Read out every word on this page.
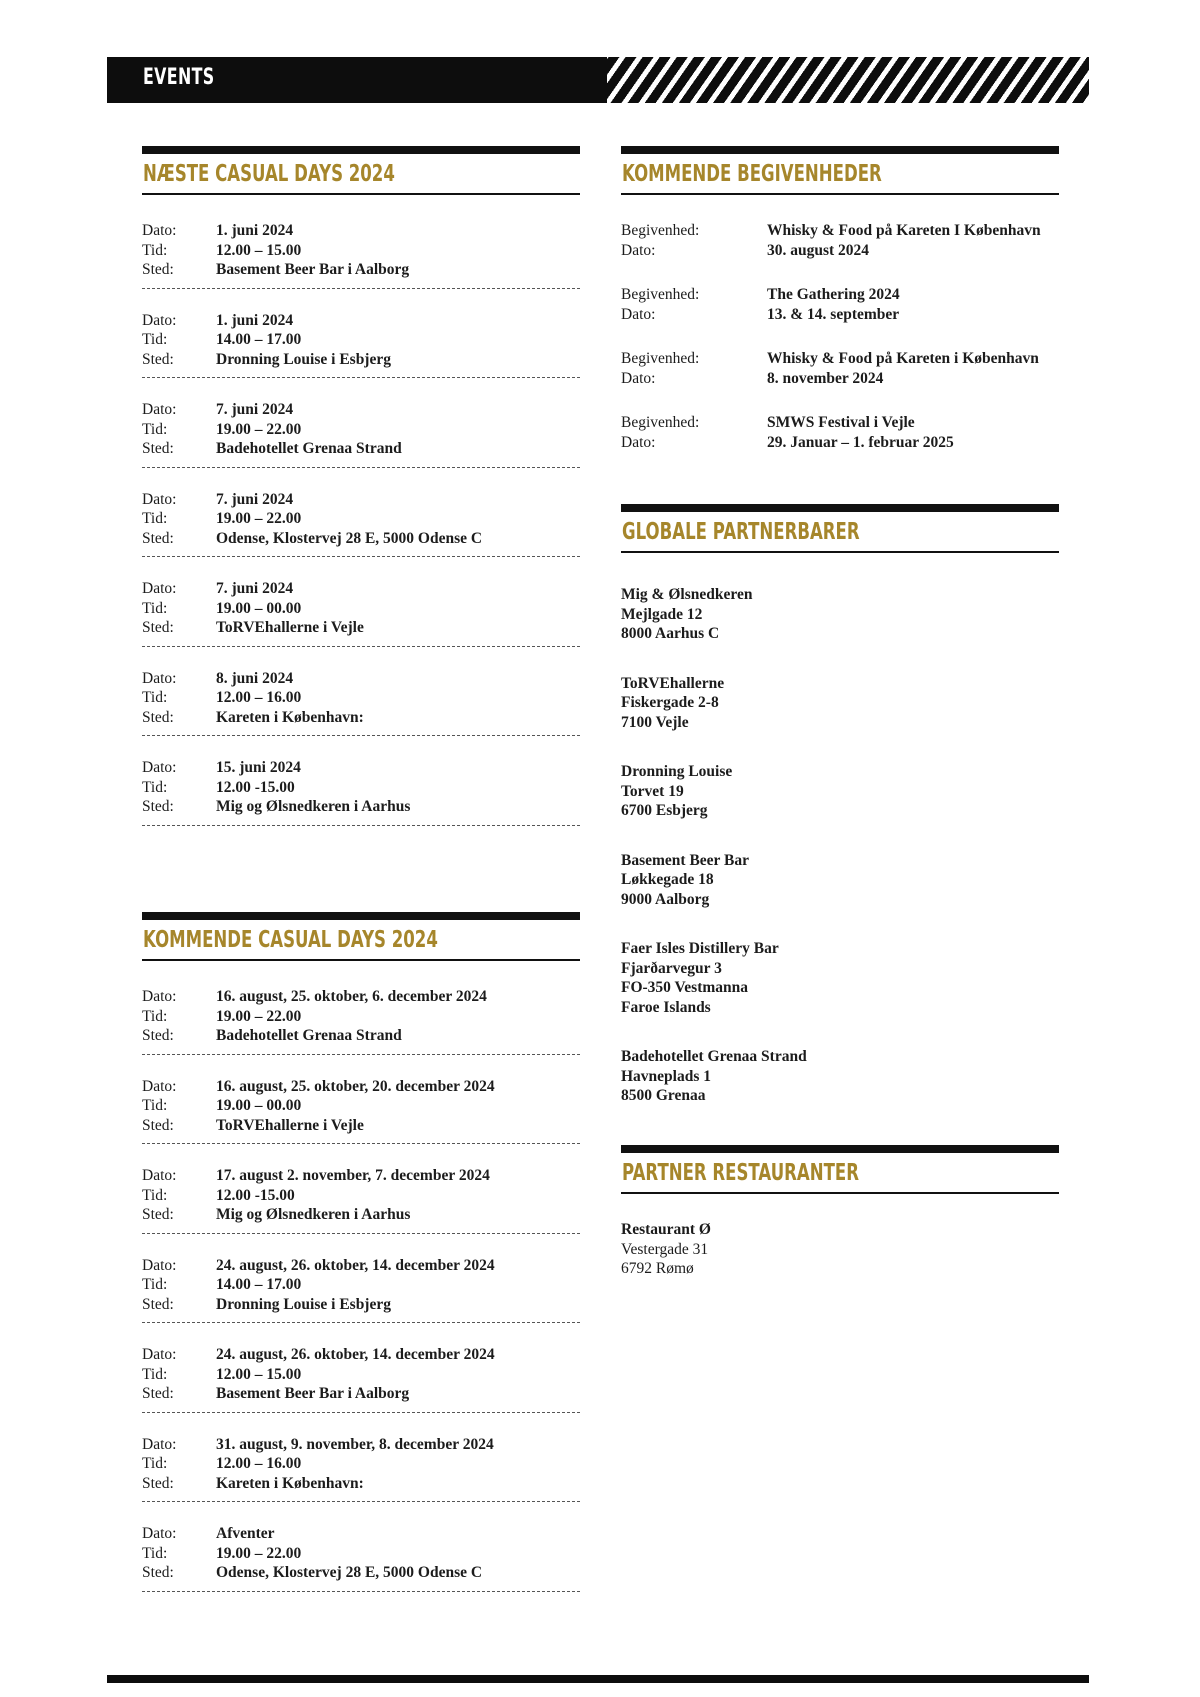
EVENTS
NÆSTE CASUAL DAYS 2024
Dato:	1. juni 2024
Tid:	12.00 – 15.00
Sted:	Basement Beer Bar i Aalborg
Dato:	1. juni 2024
Tid:	14.00 – 17.00
Sted:	Dronning Louise i Esbjerg
Dato:	7. juni 2024
Tid:	19.00 – 22.00
Sted:	Badehotellet Grenaa Strand
Dato:	7. juni 2024
Tid:	19.00 – 22.00
Sted:	Odense, Klostervej 28 E, 5000 Odense C
Dato:	7. juni 2024
Tid:	19.00 – 00.00
Sted:	ToRVEhallerne i Vejle
Dato:	8. juni 2024
Tid:	12.00 – 16.00
Sted:	Kareten i København:
Dato:	15. juni 2024
Tid:	12.00 -15.00
Sted:	Mig og Ølsnedkeren i Aarhus
KOMMENDE CASUAL DAYS 2024
Dato:	16. august, 25. oktober, 6. december 2024
Tid:	19.00 – 22.00
Sted:	Badehotellet Grenaa Strand
Dato:	16. august, 25. oktober, 20. december 2024
Tid:	19.00 – 00.00
Sted:	ToRVEhallerne i Vejle
Dato:	17. august 2. november, 7. december 2024
Tid:	12.00 -15.00
Sted:	Mig og Ølsnedkeren i Aarhus
Dato:	24. august, 26. oktober, 14. december 2024
Tid:	14.00 – 17.00
Sted:	Dronning Louise i Esbjerg
Dato:	24. august, 26. oktober, 14. december 2024
Tid:	12.00 – 15.00
Sted:	Basement Beer Bar i Aalborg
Dato:	31. august, 9. november, 8. december 2024
Tid:	12.00 – 16.00
Sted:	Kareten i København:
Dato:	Afventer
Tid:	19.00 – 22.00
Sted:	Odense, Klostervej 28 E, 5000 Odense C
KOMMENDE BEGIVENHEDER
Begivenhed:	Whisky & Food på Kareten I København
Dato:	30. august 2024
Begivenhed:	The Gathering 2024
Dato:	13. & 14. september
Begivenhed:	Whisky & Food på Kareten i København
Dato:	8. november 2024
Begivenhed:	SMWS Festival i Vejle
Dato:	29. Januar – 1. februar 2025
GLOBALE PARTNERBARER
Mig & Ølsnedkeren
Mejlgade 12
8000 Aarhus C
ToRVEhallerne
Fiskergade 2-8
7100 Vejle
Dronning Louise
Torvet 19
6700 Esbjerg
Basement Beer Bar
Løkkegade 18
9000 Aalborg
Faer Isles Distillery Bar
Fjarðarvegur 3
FO-350 Vestmanna
Faroe Islands
Badehotellet Grenaa Strand
Havneplads 1
8500 Grenaa
PARTNER RESTAURANTER
Restaurant Ø
Vestergade 31
6792 Rømø
